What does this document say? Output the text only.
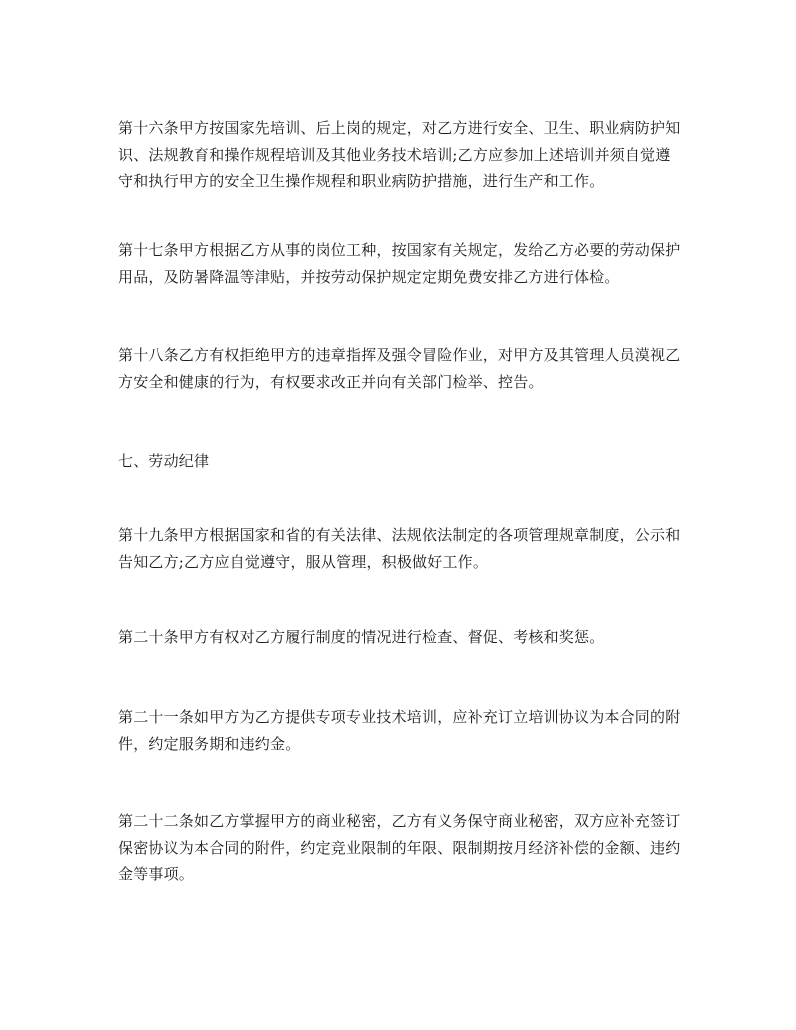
第十六条甲方按国家先培训、后上岗的规定，对乙方进行安全、卫生、职业病防护知识、法规教育和操作规程培训及其他业务技术培训;乙方应参加上述培训并须自觉遵守和执行甲方的安全卫生操作规程和职业病防护措施，进行生产和工作。

第十七条甲方根据乙方从事的岗位工种，按国家有关规定，发给乙方必要的劳动保护用品，及防暑降温等津贴，并按劳动保护规定定期免费安排乙方进行体检。

第十八条乙方有权拒绝甲方的违章指挥及强令冒险作业，对甲方及其管理人员漠视乙方安全和健康的行为，有权要求改正并向有关部门检举、控告。

七、劳动纪律

第十九条甲方根据国家和省的有关法律、法规依法制定的各项管理规章制度，公示和告知乙方;乙方应自觉遵守，服从管理，积极做好工作。

第二十条甲方有权对乙方履行制度的情况进行检查、督促、考核和奖惩。

第二十一条如甲方为乙方提供专项专业技术培训，应补充订立培训协议为本合同的附件，约定服务期和违约金。

第二十二条如乙方掌握甲方的商业秘密，乙方有义务保守商业秘密，双方应补充签订保密协议为本合同的附件，约定竞业限制的年限、限制期按月经济补偿的金额、违约金等事项。
